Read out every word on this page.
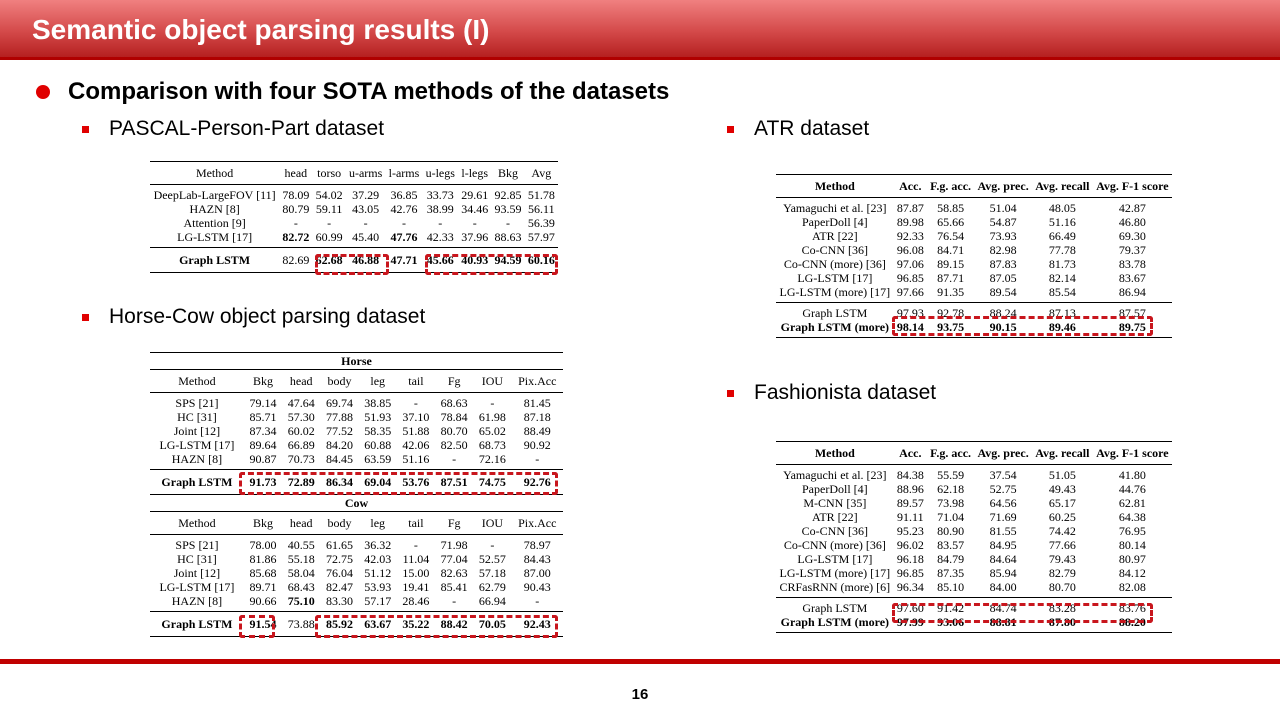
Semantic object parsing results (I)
Comparison with four SOTA methods of the datasets
PASCAL-Person-Part dataset
Horse-Cow object parsing dataset
ATR dataset
Fashionista dataset
Method	head	torso	u-arms	l-arms	u-legs	l-legs	Bkg	Avg
DeepLab-LargeFOV [11]	78.09	54.02	37.29	36.85	33.73	29.61	92.85	51.78
HAZN [8]	80.79	59.11	43.05	42.76	38.99	34.46	93.59	56.11
Attention [9]	-	-	-	-	-	-	-	56.39
LG-LSTM [17]	82.72	60.99	45.40	47.76	42.33	37.96	88.63	57.97
Graph LSTM	82.69	62.68	46.88	47.71	45.66	40.93	94.59	60.16
Horse								
Method	Bkg	head	body	leg	tail	Fg	IOU	Pix.Acc
SPS [21]	79.14	47.64	69.74	38.85	-	68.63	-	81.45
HC [31]	85.71	57.30	77.88	51.93	37.10	78.84	61.98	87.18
Joint [12]	87.34	60.02	77.52	58.35	51.88	80.70	65.02	88.49
LG-LSTM [17]	89.64	66.89	84.20	60.88	42.06	82.50	68.73	90.92
HAZN [8]	90.87	70.73	84.45	63.59	51.16	-	72.16	-
Graph LSTM	91.73	72.89	86.34	69.04	53.76	87.51	74.75	92.76
Cow								
Method	Bkg	head	body	leg	tail	Fg	IOU	Pix.Acc
SPS [21]	78.00	40.55	61.65	36.32	-	71.98	-	78.97
HC [31]	81.86	55.18	72.75	42.03	11.04	77.04	52.57	84.43
Joint [12]	85.68	58.04	76.04	51.12	15.00	82.63	57.18	87.00
LG-LSTM [17]	89.71	68.43	82.47	53.93	19.41	85.41	62.79	90.43
HAZN [8]	90.66	75.10	83.30	57.17	28.46	-	66.94	-
Graph LSTM	91.54	73.88	85.92	63.67	35.22	88.42	70.05	92.43
Method	Acc.	F.g. acc.	Avg. prec.	Avg. recall	Avg. F-1 score
Yamaguchi et al. [23]	87.87	58.85	51.04	48.05	42.87
PaperDoll [4]	89.98	65.66	54.87	51.16	46.80
ATR [22]	92.33	76.54	73.93	66.49	69.30
Co-CNN [36]	96.08	84.71	82.98	77.78	79.37
Co-CNN (more) [36]	97.06	89.15	87.83	81.73	83.78
LG-LSTM [17]	96.85	87.71	87.05	82.14	83.67
LG-LSTM (more) [17]	97.66	91.35	89.54	85.54	86.94
Graph LSTM	97.93	92.78	88.24	87.13	87.57
Graph LSTM (more)	98.14	93.75	90.15	89.46	89.75
Method	Acc.	F.g. acc.	Avg. prec.	Avg. recall	Avg. F-1 score
Yamaguchi et al. [23]	84.38	55.59	37.54	51.05	41.80
PaperDoll [4]	88.96	62.18	52.75	49.43	44.76
M-CNN [35]	89.57	73.98	64.56	65.17	62.81
ATR [22]	91.11	71.04	71.69	60.25	64.38
Co-CNN [36]	95.23	80.90	81.55	74.42	76.95
Co-CNN (more) [36]	96.02	83.57	84.95	77.66	80.14
LG-LSTM [17]	96.18	84.79	84.64	79.43	80.97
LG-LSTM (more) [17]	96.85	87.35	85.94	82.79	84.12
CRFasRNN (more) [6]	96.34	85.10	84.00	80.70	82.08
Graph LSTM	97.60	91.42	84.74	83.28	83.76
Graph LSTM (more)	97.99	93.06	88.81	87.80	88.20
16
